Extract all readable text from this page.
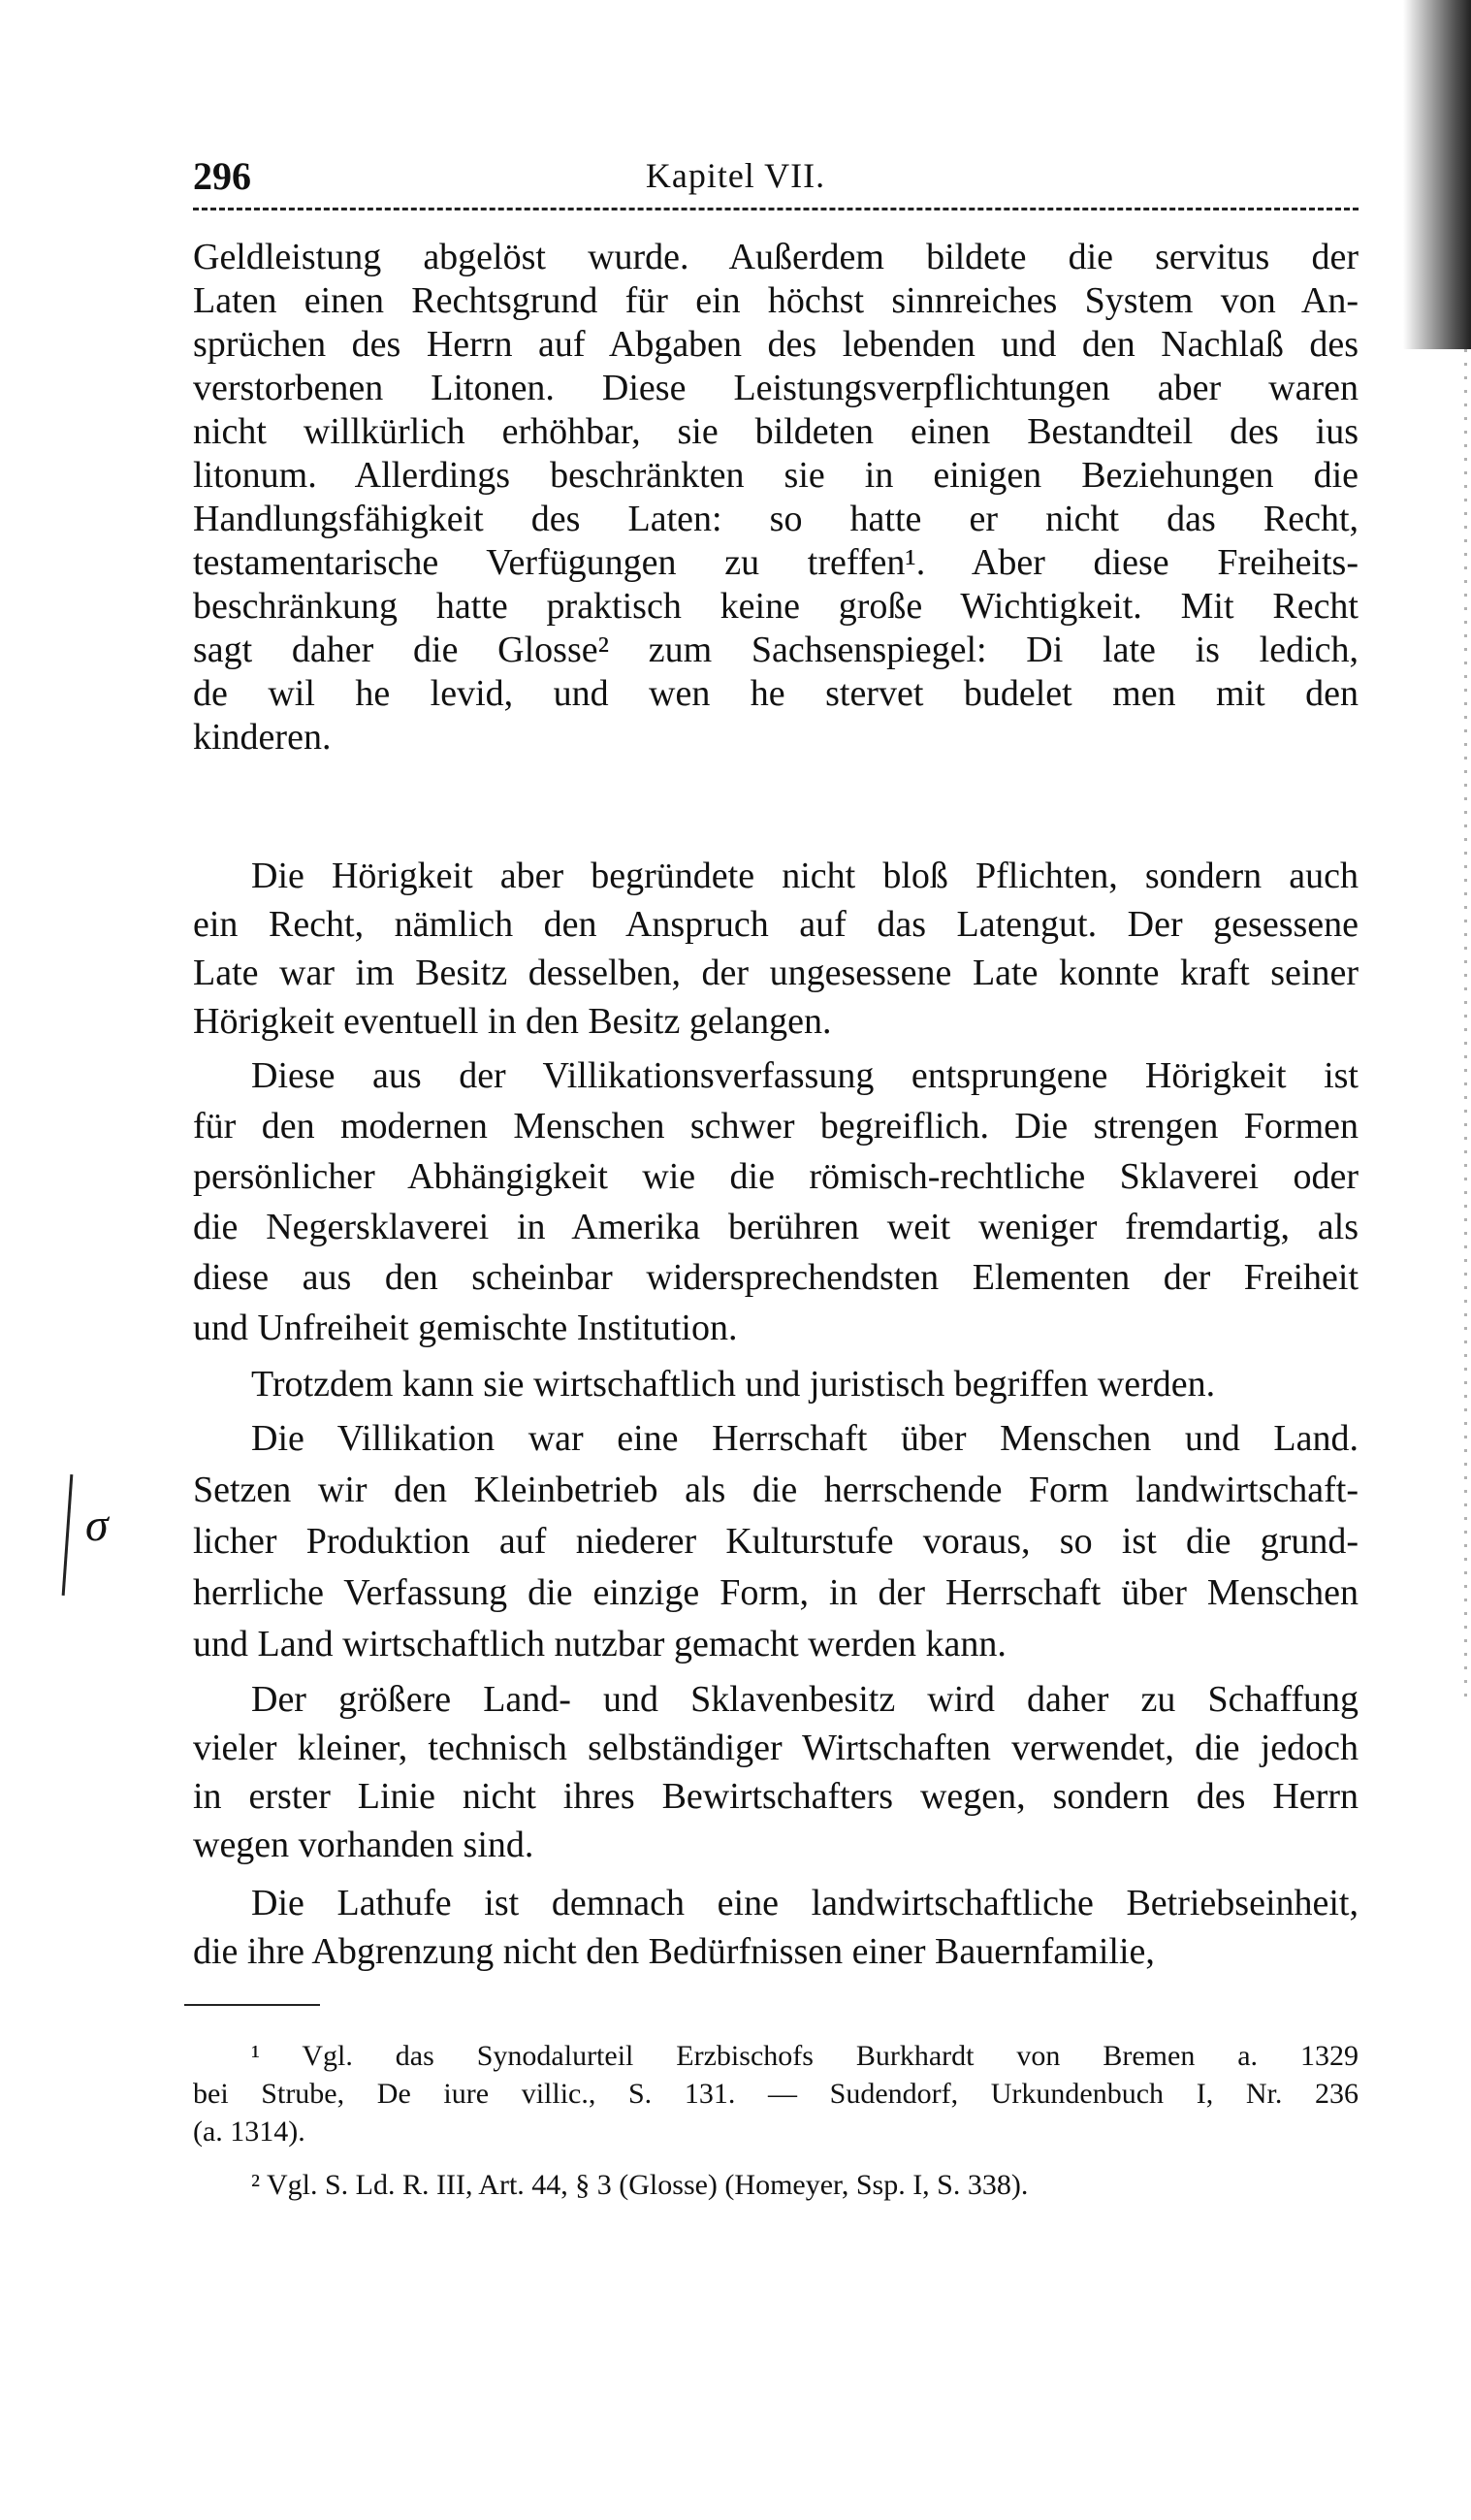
296	Kapitel VII.
Geldleistung abgelöst wurde. Außerdem bildete die servitus der
Laten einen Rechtsgrund für ein höchst sinnreiches System von An-
sprüchen des Herrn auf Abgaben des lebenden und den Nachlaß des
verstorbenen Litonen. Diese Leistungsverpflichtungen aber waren
nicht willkürlich erhöhbar, sie bildeten einen Bestandteil des ius
litonum. Allerdings beschränkten sie in einigen Beziehungen die
Handlungsfähigkeit des Laten: so hatte er nicht das Recht,
testamentarische Verfügungen zu treffen¹. Aber diese Freiheits-
beschränkung hatte praktisch keine große Wichtigkeit. Mit Recht
sagt daher die Glosse² zum Sachsenspiegel: Di late is ledich,
de wil he levid, und wen he stervet budelet men mit den
kinderen.
Die Hörigkeit aber begründete nicht bloß Pflichten, sondern auch
ein Recht, nämlich den Anspruch auf das Latengut. Der gesessene
Late war im Besitz desselben, der ungesessene Late konnte kraft seiner
Hörigkeit eventuell in den Besitz gelangen.
Diese aus der Villikationsverfassung entsprungene Hörigkeit ist
für den modernen Menschen schwer begreiflich. Die strengen Formen
persönlicher Abhängigkeit wie die römisch-rechtliche Sklaverei oder
die Negersklaverei in Amerika berühren weit weniger fremdartig, als
diese aus den scheinbar widersprechendsten Elementen der Freiheit
und Unfreiheit gemischte Institution.
Trotzdem kann sie wirtschaftlich und juristisch begriffen werden.
Die Villikation war eine Herrschaft über Menschen und Land.
Setzen wir den Kleinbetrieb als die herrschende Form landwirtschaft-
licher Produktion auf niederer Kulturstufe voraus, so ist die grund-
herrliche Verfassung die einzige Form, in der Herrschaft über Menschen
und Land wirtschaftlich nutzbar gemacht werden kann.
Der größere Land- und Sklavenbesitz wird daher zu Schaffung
vieler kleiner, technisch selbständiger Wirtschaften verwendet, die jedoch
in erster Linie nicht ihres Bewirtschafters wegen, sondern des Herrn
wegen vorhanden sind.
Die Lathufe ist demnach eine landwirtschaftliche Betriebseinheit,
die ihre Abgrenzung nicht den Bedürfnissen einer Bauernfamilie,
¹ Vgl. das Synodalurteil Erzbischofs Burkhardt von Bremen a. 1329
bei Strube, De iure villic., S. 131. — Sudendorf, Urkundenbuch I, Nr. 236
(a. 1314).
² Vgl. S. Ld. R. III, Art. 44, § 3 (Glosse) (Homeyer, Ssp. I, S. 338).
σ
